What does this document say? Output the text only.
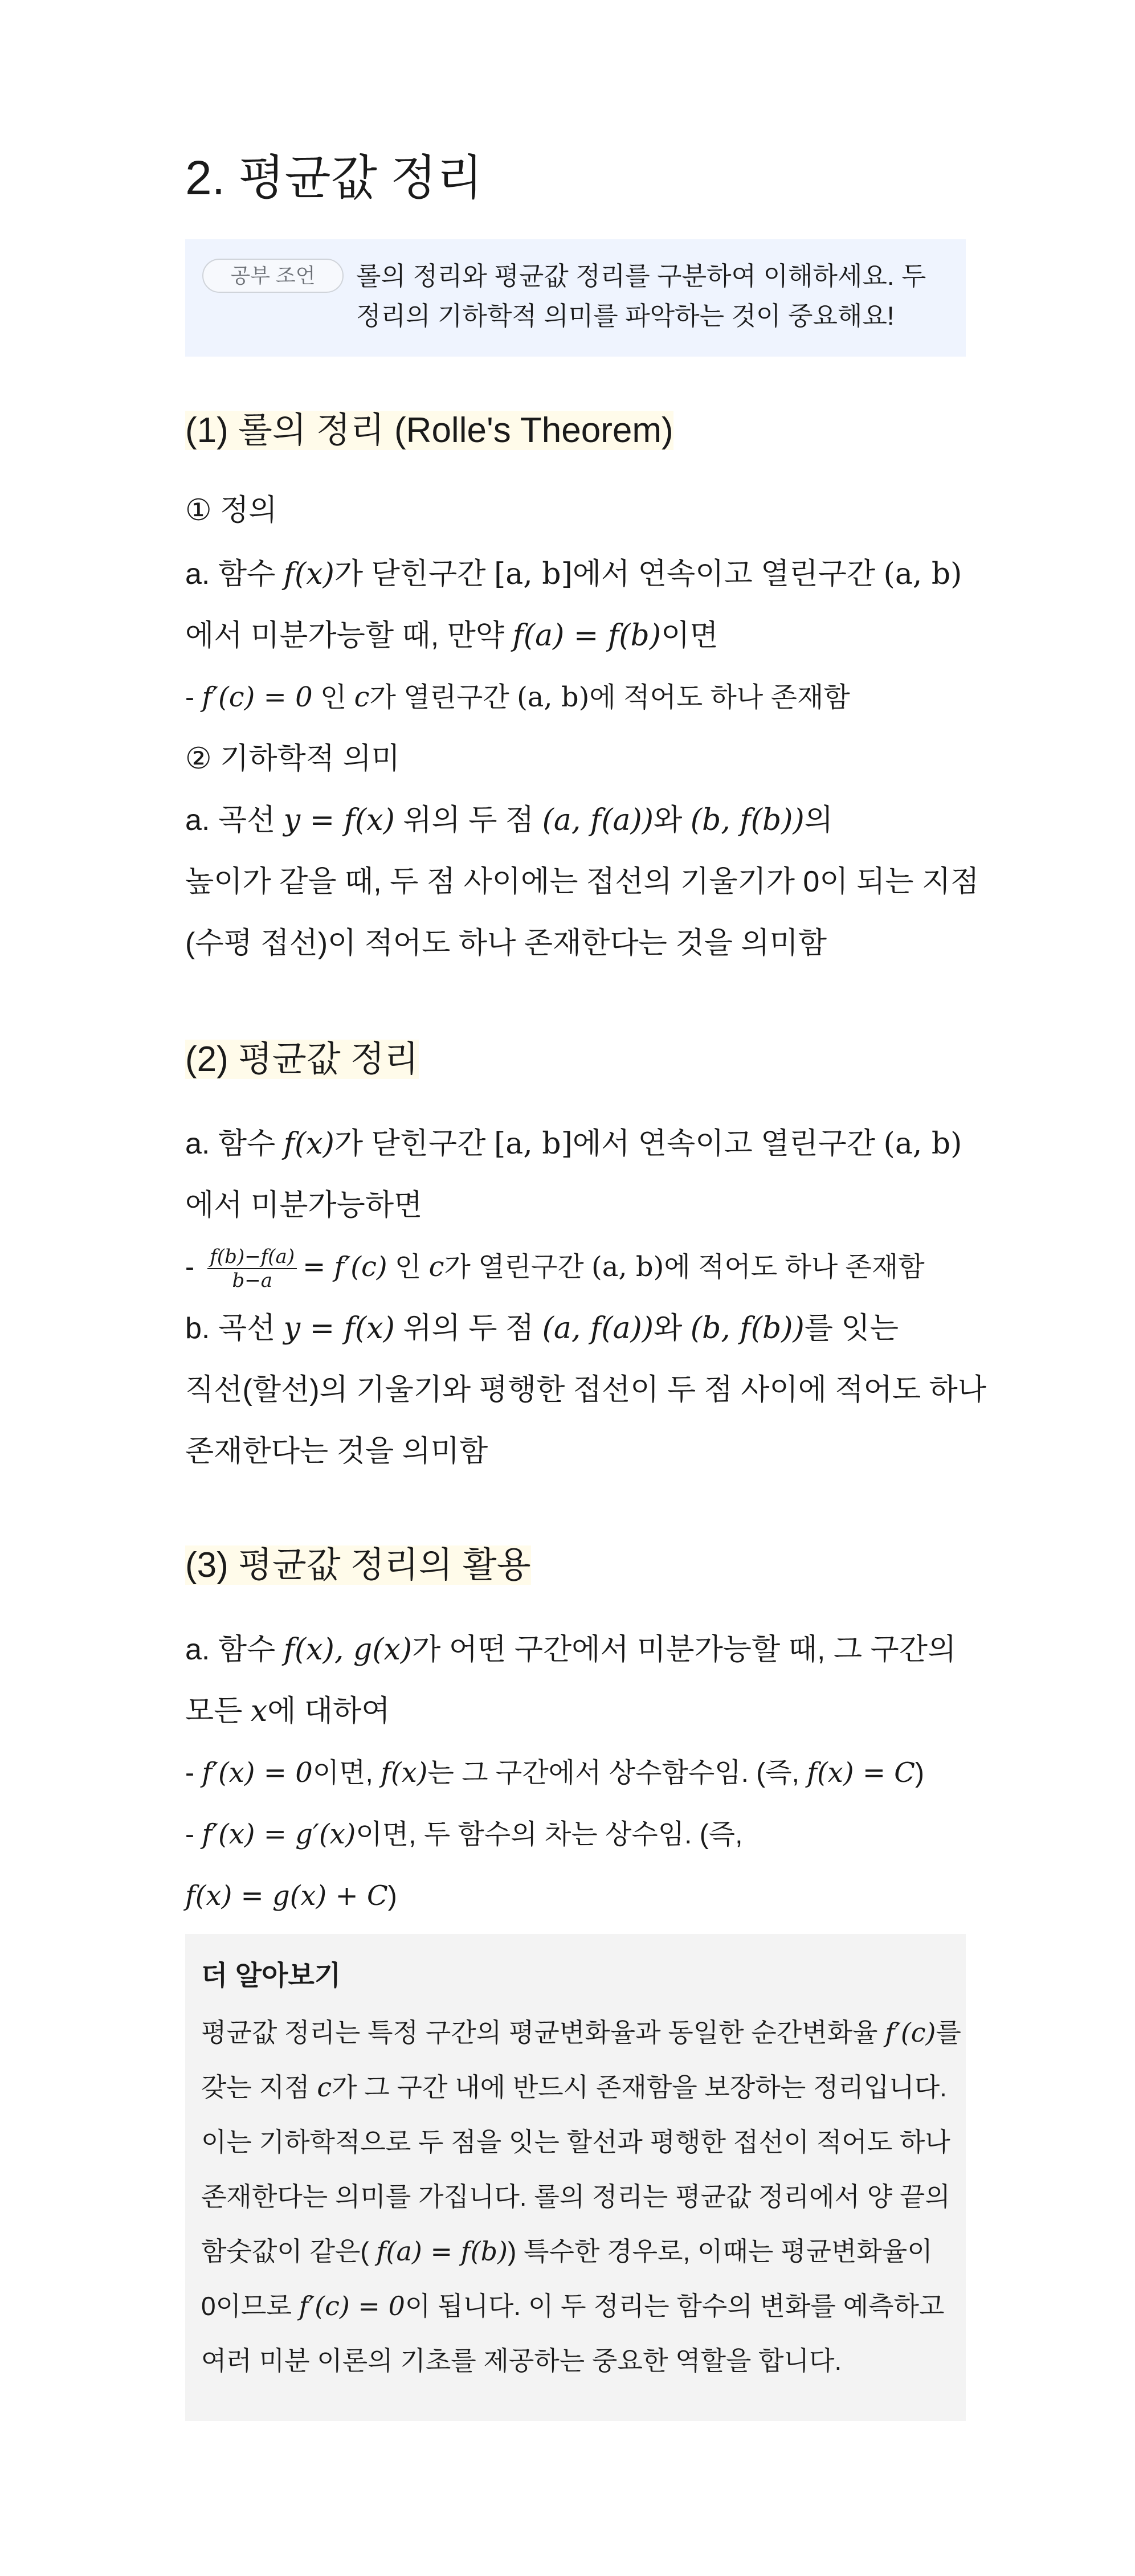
2. 평균값 정리
공부 조언	롤의 정리와 평균값 정리를 구분하여 이해하세요. 두 정리의 기하학적 의미를 파악하는 것이 중요해요!
(1) 롤의 정리 (Rolle's Theorem)
① 정의
a. 함수 f(x)가 닫힌구간 [a, b]에서 연속이고 열린구간 (a, b)
에서 미분가능할 때, 만약 f(a) = f(b)이면
- f′(c) = 0 인 c가 열린구간 (a, b)에 적어도 하나 존재함
② 기하학적 의미
a. 곡선 y = f(x) 위의 두 점 (a, f(a))와 (b, f(b))의
높이가 같을 때, 두 점 사이에는 접선의 기울기가 0이 되는 지점
(수평 접선)이 적어도 하나 존재한다는 것을 의미함
(2) 평균값 정리
a. 함수 f(x)가 닫힌구간 [a, b]에서 연속이고 열린구간 (a, b)
에서 미분가능하면
- $\frac{f(b)-f(a)}{b-a} = f'(c)$ 인 c가 열린구간 (a, b)에 적어도 하나 존재함
b. 곡선 y = f(x) 위의 두 점 (a, f(a))와 (b, f(b))를 잇는
직선(할선)의 기울기와 평행한 접선이 두 점 사이에 적어도 하나
존재한다는 것을 의미함
(3) 평균값 정리의 활용
a. 함수 f(x), g(x)가 어떤 구간에서 미분가능할 때, 그 구간의
모든 x에 대하여
- f′(x) = 0이면, f(x)는 그 구간에서 상수함수임. (즉, f(x) = C)
- f′(x) = g′(x)이면, 두 함수의 차는 상수임. (즉,
f(x) = g(x) + C)
더 알아보기
평균값 정리는 특정 구간의 평균변화율과 동일한 순간변화율 f′(c)를
갖는 지점 c가 그 구간 내에 반드시 존재함을 보장하는 정리입니다.
이는 기하학적으로 두 점을 잇는 할선과 평행한 접선이 적어도 하나
존재한다는 의미를 가집니다. 롤의 정리는 평균값 정리에서 양 끝의
함숫값이 같은( f(a) = f(b)) 특수한 경우로, 이때는 평균변화율이
0이므로 f′(c) = 0이 됩니다. 이 두 정리는 함수의 변화를 예측하고
여러 미분 이론의 기초를 제공하는 중요한 역할을 합니다.
